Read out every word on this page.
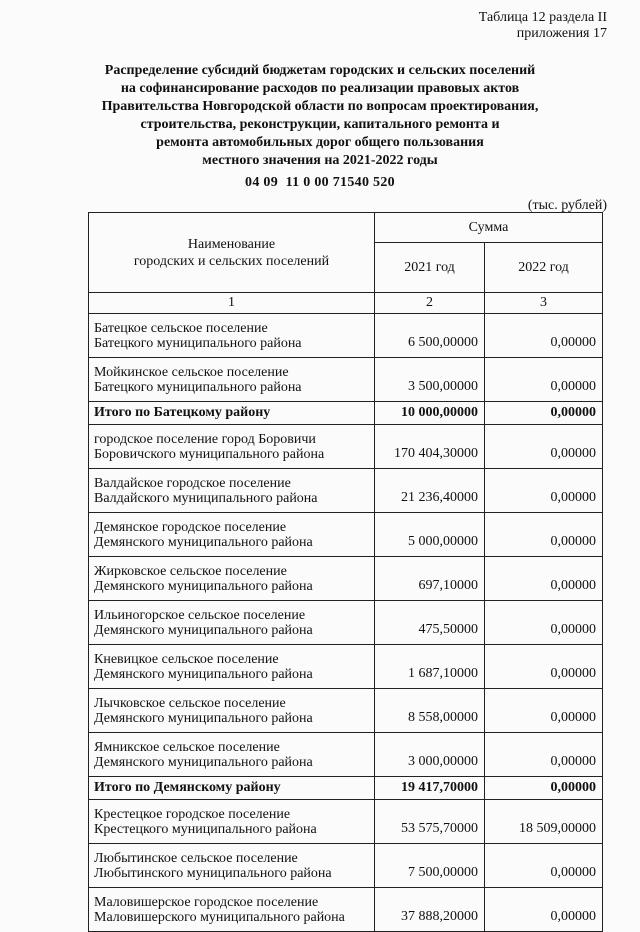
Таблица 12 раздела II
приложения 17
Распределение субсидий бюджетам городских и сельских поселений
на софинансирование расходов по реализации правовых актов
Правительства Новгородской области по вопросам проектирования,
строительства, реконструкции, капитального ремонта и
ремонта автомобильных дорог общего пользования
местного значения на 2021-2022 годы
04 09  11 0 00 71540 520
(тыс. рублей)
Наименование
городских и сельских поселений	Сумма	
	2021 год	2022 год
1	2	3

Батецкое сельское поселение
Батецкого муниципального района	6 500,00000	0,00000

Мойкинское сельское поселение
Батецкого муниципального района	3 500,00000	0,00000

Итого по Батецкому району	10 000,00000	0,00000

городское поселение город Боровичи
Боровичского муниципального района	170 404,30000	0,00000

Валдайское городское поселение
Валдайского муниципального района	21 236,40000	0,00000

Демянское городское поселение
Демянского муниципального района	5 000,00000	0,00000

Жирковское сельское поселение
Демянского муниципального района	697,10000	0,00000

Ильиногорское сельское поселение
Демянского муниципального района	475,50000	0,00000

Кневицкое сельское поселение
Демянского муниципального района	1 687,10000	0,00000

Лычковское сельское поселение
Демянского муниципального района	8 558,00000	0,00000

Ямникское сельское поселение
Демянского муниципального района	3 000,00000	0,00000

Итого по Демянскому району	19 417,70000	0,00000

Крестецкое городское поселение
Крестецкого муниципального района	53 575,70000	18 509,00000

Любытинское сельское поселение
Любытинского муниципального района	7 500,00000	0,00000

Маловишерское городское поселение
Маловишерского муниципального района	37 888,20000	0,00000
